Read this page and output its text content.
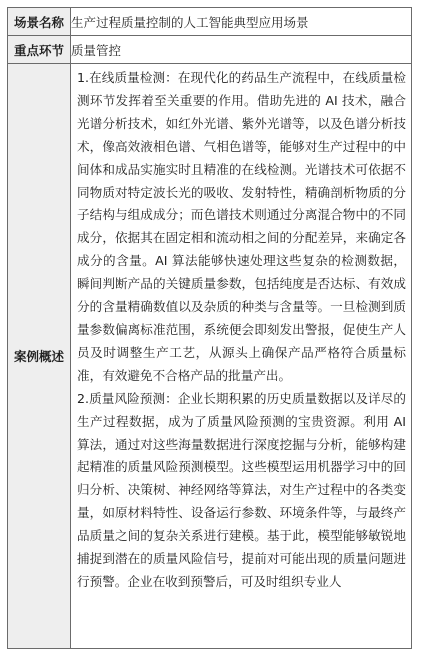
场景名称	生产过程质量控制的人工智能典型应用场景
重点环节	质量管控
案例概述	1.在线质量检测：在现代化的药品生产流程中，在线质量检测环节发挥着至关重要的作用。借助先进的 AI 技术，融合光谱分析技术，如红外光谱、紫外光谱等，以及色谱分析技术，像高效液相色谱、气相色谱等，能够对生产过程中的中间体和成品实施实时且精准的在线检测。光谱技术可依据不同物质对特定波长光的吸收、发射特性，精确剖析物质的分子结构与组成成分；而色谱技术则通过分离混合物中的不同成分，依据其在固定相和流动相之间的分配差异，来确定各成分的含量。AI 算法能够快速处理这些复杂的检测数据，瞬间判断产品的关键质量参数，包括纯度是否达标、有效成分的含量精确数值以及杂质的种类与含量等。一旦检测到质量参数偏离标准范围，系统便会即刻发出警报，促使生产人员及时调整生产工艺，从源头上确保产品严格符合质量标准，有效避免不合格产品的批量产出。

2.质量风险预测：企业长期积累的历史质量数据以及详尽的生产过程数据，成为了质量风险预测的宝贵资源。利用 AI 算法，通过对这些海量数据进行深度挖掘与分析，能够构建起精准的质量风险预测模型。这些模型运用机器学习中的回归分析、决策树、神经网络等算法，对生产过程中的各类变量，如原材料特性、设备运行参数、环境条件等，与最终产品质量之间的复杂关系进行建模。基于此，模型能够敏锐地捕捉到潜在的质量风险信号，提前对可能出现的质量问题进行预警。企业在收到预警后，可及时组织专业人
